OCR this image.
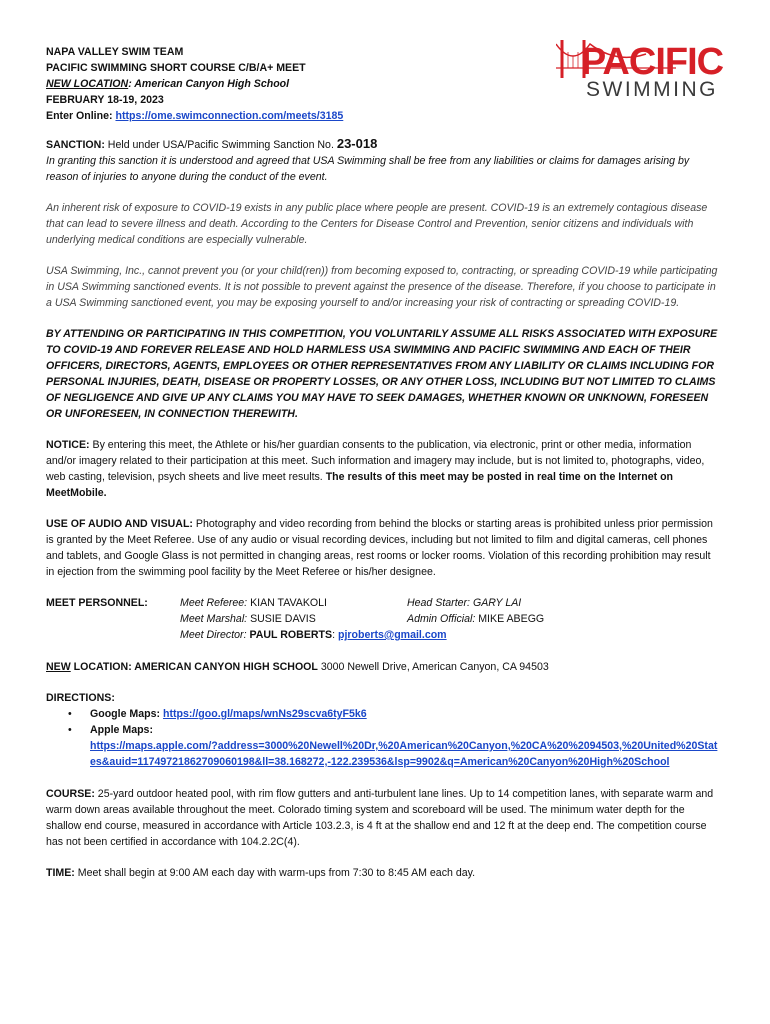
NAPA VALLEY SWIM TEAM
PACIFIC SWIMMING SHORT COURSE C/B/A+ MEET
NEW LOCATION: American Canyon High School
FEBRUARY 18-19, 2023
Enter Online: https://ome.swimconnection.com/meets/3185
PACIFIC
SWIMMING

SANCTION: Held under USA/Pacific Swimming Sanction No. 23-018
In granting this sanction it is understood and agreed that USA Swimming shall be free from any liabilities or claims for damages arising by reason of injuries to anyone during the conduct of the event.

An inherent risk of exposure to COVID-19 exists in any public place where people are present. COVID-19 is an extremely contagious disease that can lead to severe illness and death. According to the Centers for Disease Control and Prevention, senior citizens and individuals with underlying medical conditions are especially vulnerable.

USA Swimming, Inc., cannot prevent you (or your child(ren)) from becoming exposed to, contracting, or spreading COVID-19 while participating in USA Swimming sanctioned events. It is not possible to prevent against the presence of the disease. Therefore, if you choose to participate in a USA Swimming sanctioned event, you may be exposing yourself to and/or increasing your risk of contracting or spreading COVID-19.

BY ATTENDING OR PARTICIPATING IN THIS COMPETITION, YOU VOLUNTARILY ASSUME ALL RISKS ASSOCIATED WITH EXPOSURE TO COVID-19 AND FOREVER RELEASE AND HOLD HARMLESS USA SWIMMING AND PACIFIC SWIMMING AND EACH OF THEIR OFFICERS, DIRECTORS, AGENTS, EMPLOYEES OR OTHER REPRESENTATIVES FROM ANY LIABILITY OR CLAIMS INCLUDING FOR PERSONAL INJURIES, DEATH, DISEASE OR PROPERTY LOSSES, OR ANY OTHER LOSS, INCLUDING BUT NOT LIMITED TO CLAIMS OF NEGLIGENCE AND GIVE UP ANY CLAIMS YOU MAY HAVE TO SEEK DAMAGES, WHETHER KNOWN OR UNKNOWN, FORESEEN OR UNFORESEEN, IN CONNECTION THEREWITH.

NOTICE: By entering this meet, the Athlete or his/her guardian consents to the publication, via electronic, print or other media, information and/or imagery related to their participation at this meet. Such information and imagery may include, but is not limited to, photographs, video, web casting, television, psych sheets and live meet results. The results of this meet may be posted in real time on the Internet on MeetMobile.

USE OF AUDIO AND VISUAL: Photography and video recording from behind the blocks or starting areas is prohibited unless prior permission is granted by the Meet Referee. Use of any audio or visual recording devices, including but not limited to film and digital cameras, cell phones and tablets, and Google Glass is not permitted in changing areas, rest rooms or locker rooms. Violation of this recording prohibition may result in ejection from the swimming pool facility by the Meet Referee or his/her designee.

MEET PERSONNEL:	Meet Referee: KIAN TAVAKOLI
Meet Marshal: SUSIE DAVIS
Meet Director: PAUL ROBERTS: pjroberts@gmail.com
Head Starter: GARY LAI
Admin Official: MIKE ABEGG

NEW LOCATION: AMERICAN CANYON HIGH SCHOOL 3000 Newell Drive, American Canyon, CA 94503

DIRECTIONS:
• Google Maps: https://goo.gl/maps/wnNs29scva6tyF5k6
• Apple Maps:
https://maps.apple.com/?address=3000%20Newell%20Dr,%20American%20Canyon,%20CA%20%2094503,%20United%20States&auid=11749721862709060198&ll=38.168272,-122.239536&lsp=9902&q=American%20Canyon%20High%20School

COURSE: 25-yard outdoor heated pool, with rim flow gutters and anti-turbulent lane lines. Up to 14 competition lanes, with separate warm and warm down areas available throughout the meet. Colorado timing system and scoreboard will be used. The minimum water depth for the shallow end course, measured in accordance with Article 103.2.3, is 4 ft at the shallow end and 12 ft at the deep end. The competition course has not been certified in accordance with 104.2.2C(4).

TIME: Meet shall begin at 9:00 AM each day with warm-ups from 7:30 to 8:45 AM each day.
